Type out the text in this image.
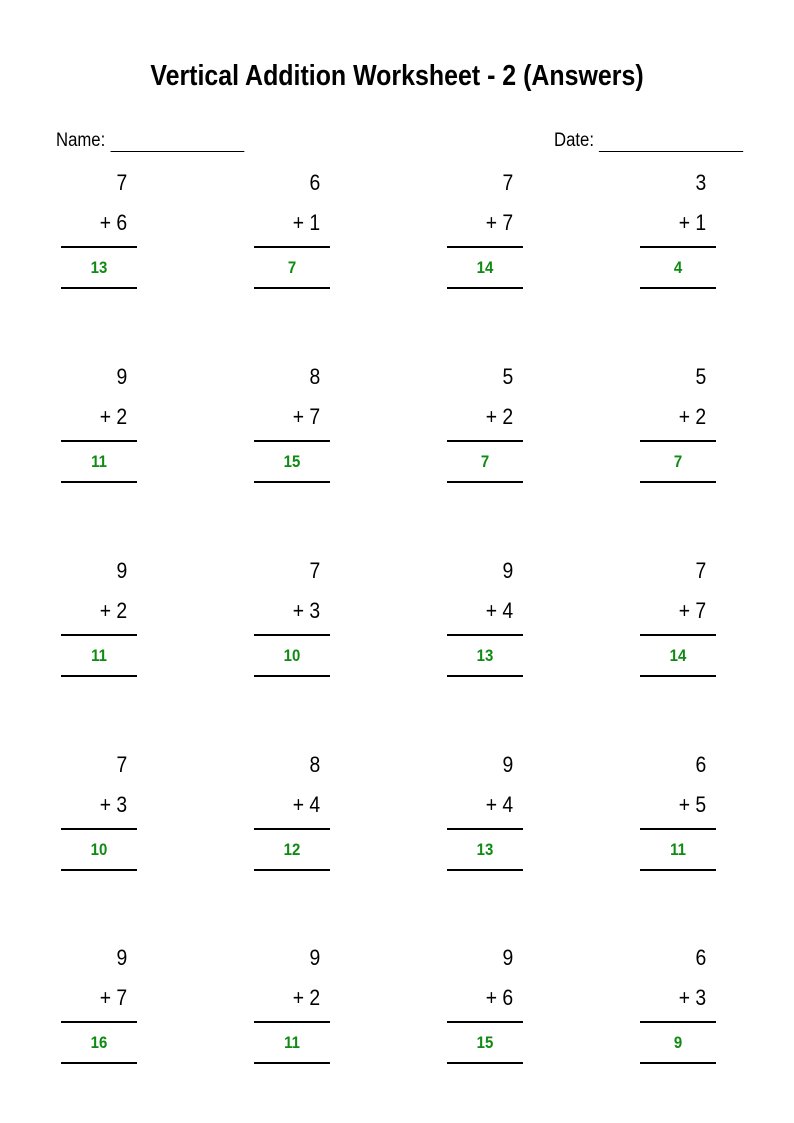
Vertical Addition Worksheet - 2 (Answers)
Name:	Date:
7
+ 6
13
6
+ 1
7
7
+ 7
14
3
+ 1
4
9
+ 2
11
8
+ 7
15
5
+ 2
7
5
+ 2
7
9
+ 2
11
7
+ 3
10
9
+ 4
13
7
+ 7
14
7
+ 3
10
8
+ 4
12
9
+ 4
13
6
+ 5
11
9
+ 7
16
9
+ 2
11
9
+ 6
15
6
+ 3
9
